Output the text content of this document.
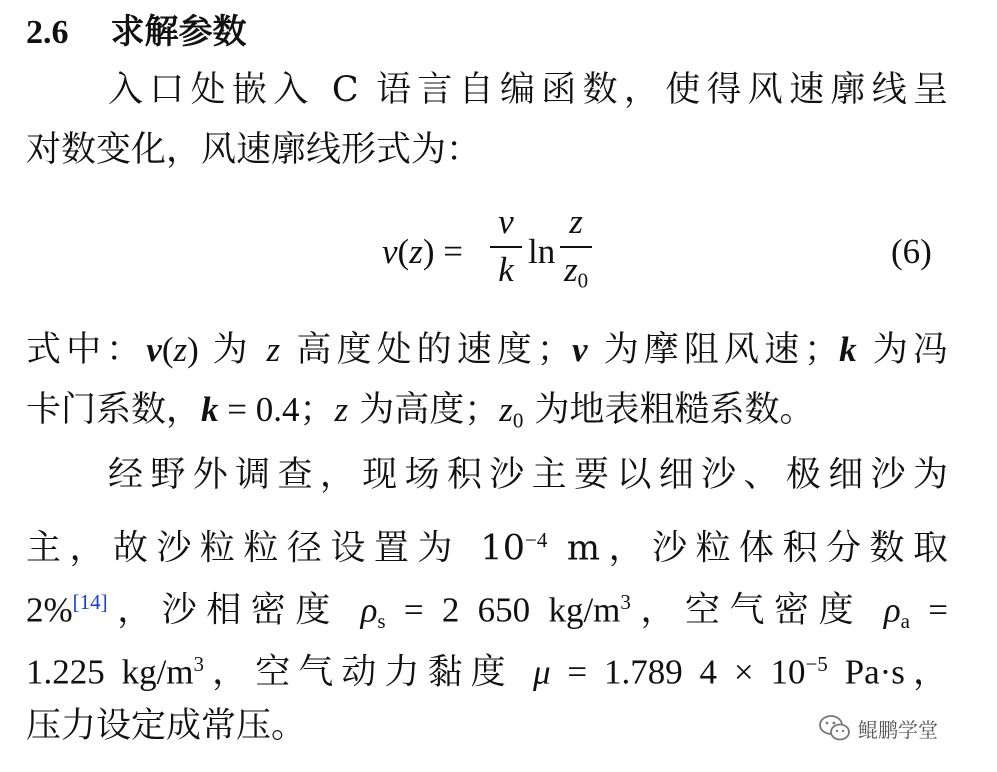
2.6 求解参数
入口处嵌入 C 语言自编函数，使得风速廓线呈
对数变化，风速廓线形式为：
v(z) =
v
k ln
z
$z_0$
(6)
式中：v(z) 为 z 高度处的速度；v 为摩阻风速；k 为冯
卡门系数，k = 0.4；z 为高度；$z_0$ 为地表粗糙系数。
经野外调查，现场积沙主要以细沙、极细沙为
主，故沙粒粒径设置为 $10^{-4}$ m，沙粒体积分数取
2%[14]，沙相密度 $\rho_s = 2$ 650 $kg/m^3$，空气密度 $\rho_a$ =
1.225 $kg/m^3$，空气动力黏度 μ = 1.789 $4 \times 10^{-5}$ Pa·s，
压力设定成常压。	鲲鹏学堂
